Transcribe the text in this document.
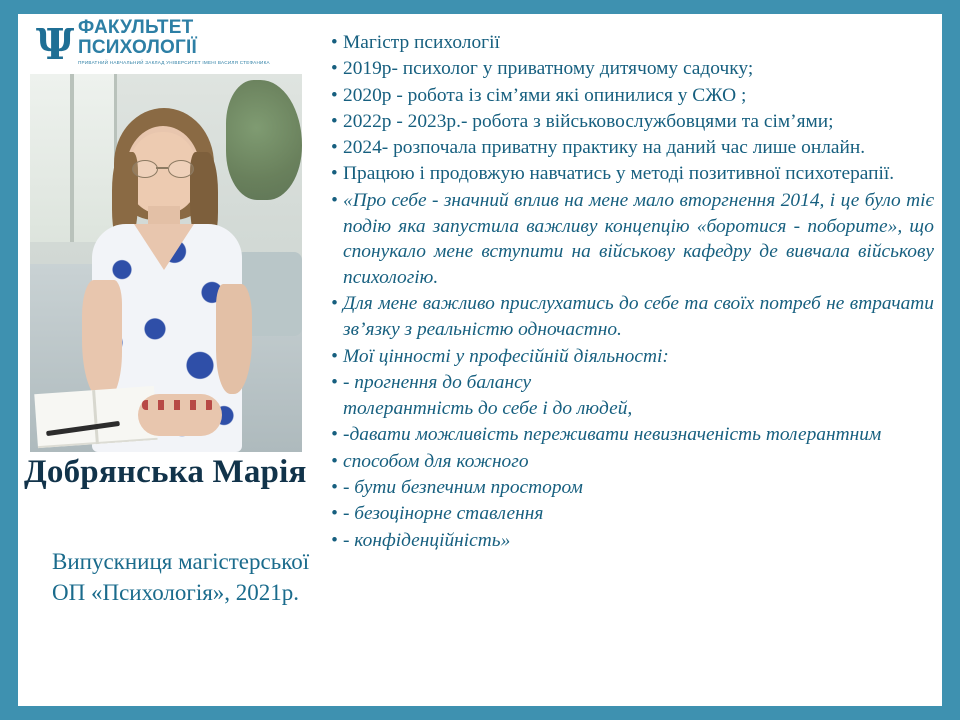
Ψ ФАКУЛЬТЕТ
ПСИХОЛОГІЇ
ПРИВАТНИЙ НАВЧАЛЬНИЙ ЗАКЛАД УНІВЕРСИТЕТ ІМЕНІ ВАСИЛЯ СТЕФАНИКА
Добрянська Марія
Випускниця магістерської ОП «Психологія», 2021р.
• Магістр психології
• 2019р- психолог у приватному дитячому садочку;
• 2020р - робота із сім’ями які опинилися у СЖО ;
• 2022р - 2023р.- робота з військовослужбовцями та сім’ями;
• 2024- розпочала приватну практику на даний час лише онлайн.
• Працюю і продовжую навчатись у методі позитивної психотерапії.
• «Про себе - значний вплив на мене мало вторгнення 2014, і це було тіє подію яка запустила важливу концепцію «боротися - поборите», що спонукало мене вступити на військову кафедру де вивчала військову психологію.
• Для мене важливо прислухатись до себе та своїх потреб не втрачати зв’язку з реальністю одночастно.
• Мої цінності у професійній діяльності:
• - прогнення до балансу
толерантність до себе і до людей,
• -давати можливість переживати невизначеність толерантним
• способом для кожного
• - бути безпечним простором
• - безоцінорне ставлення
• - конфіденційність»
